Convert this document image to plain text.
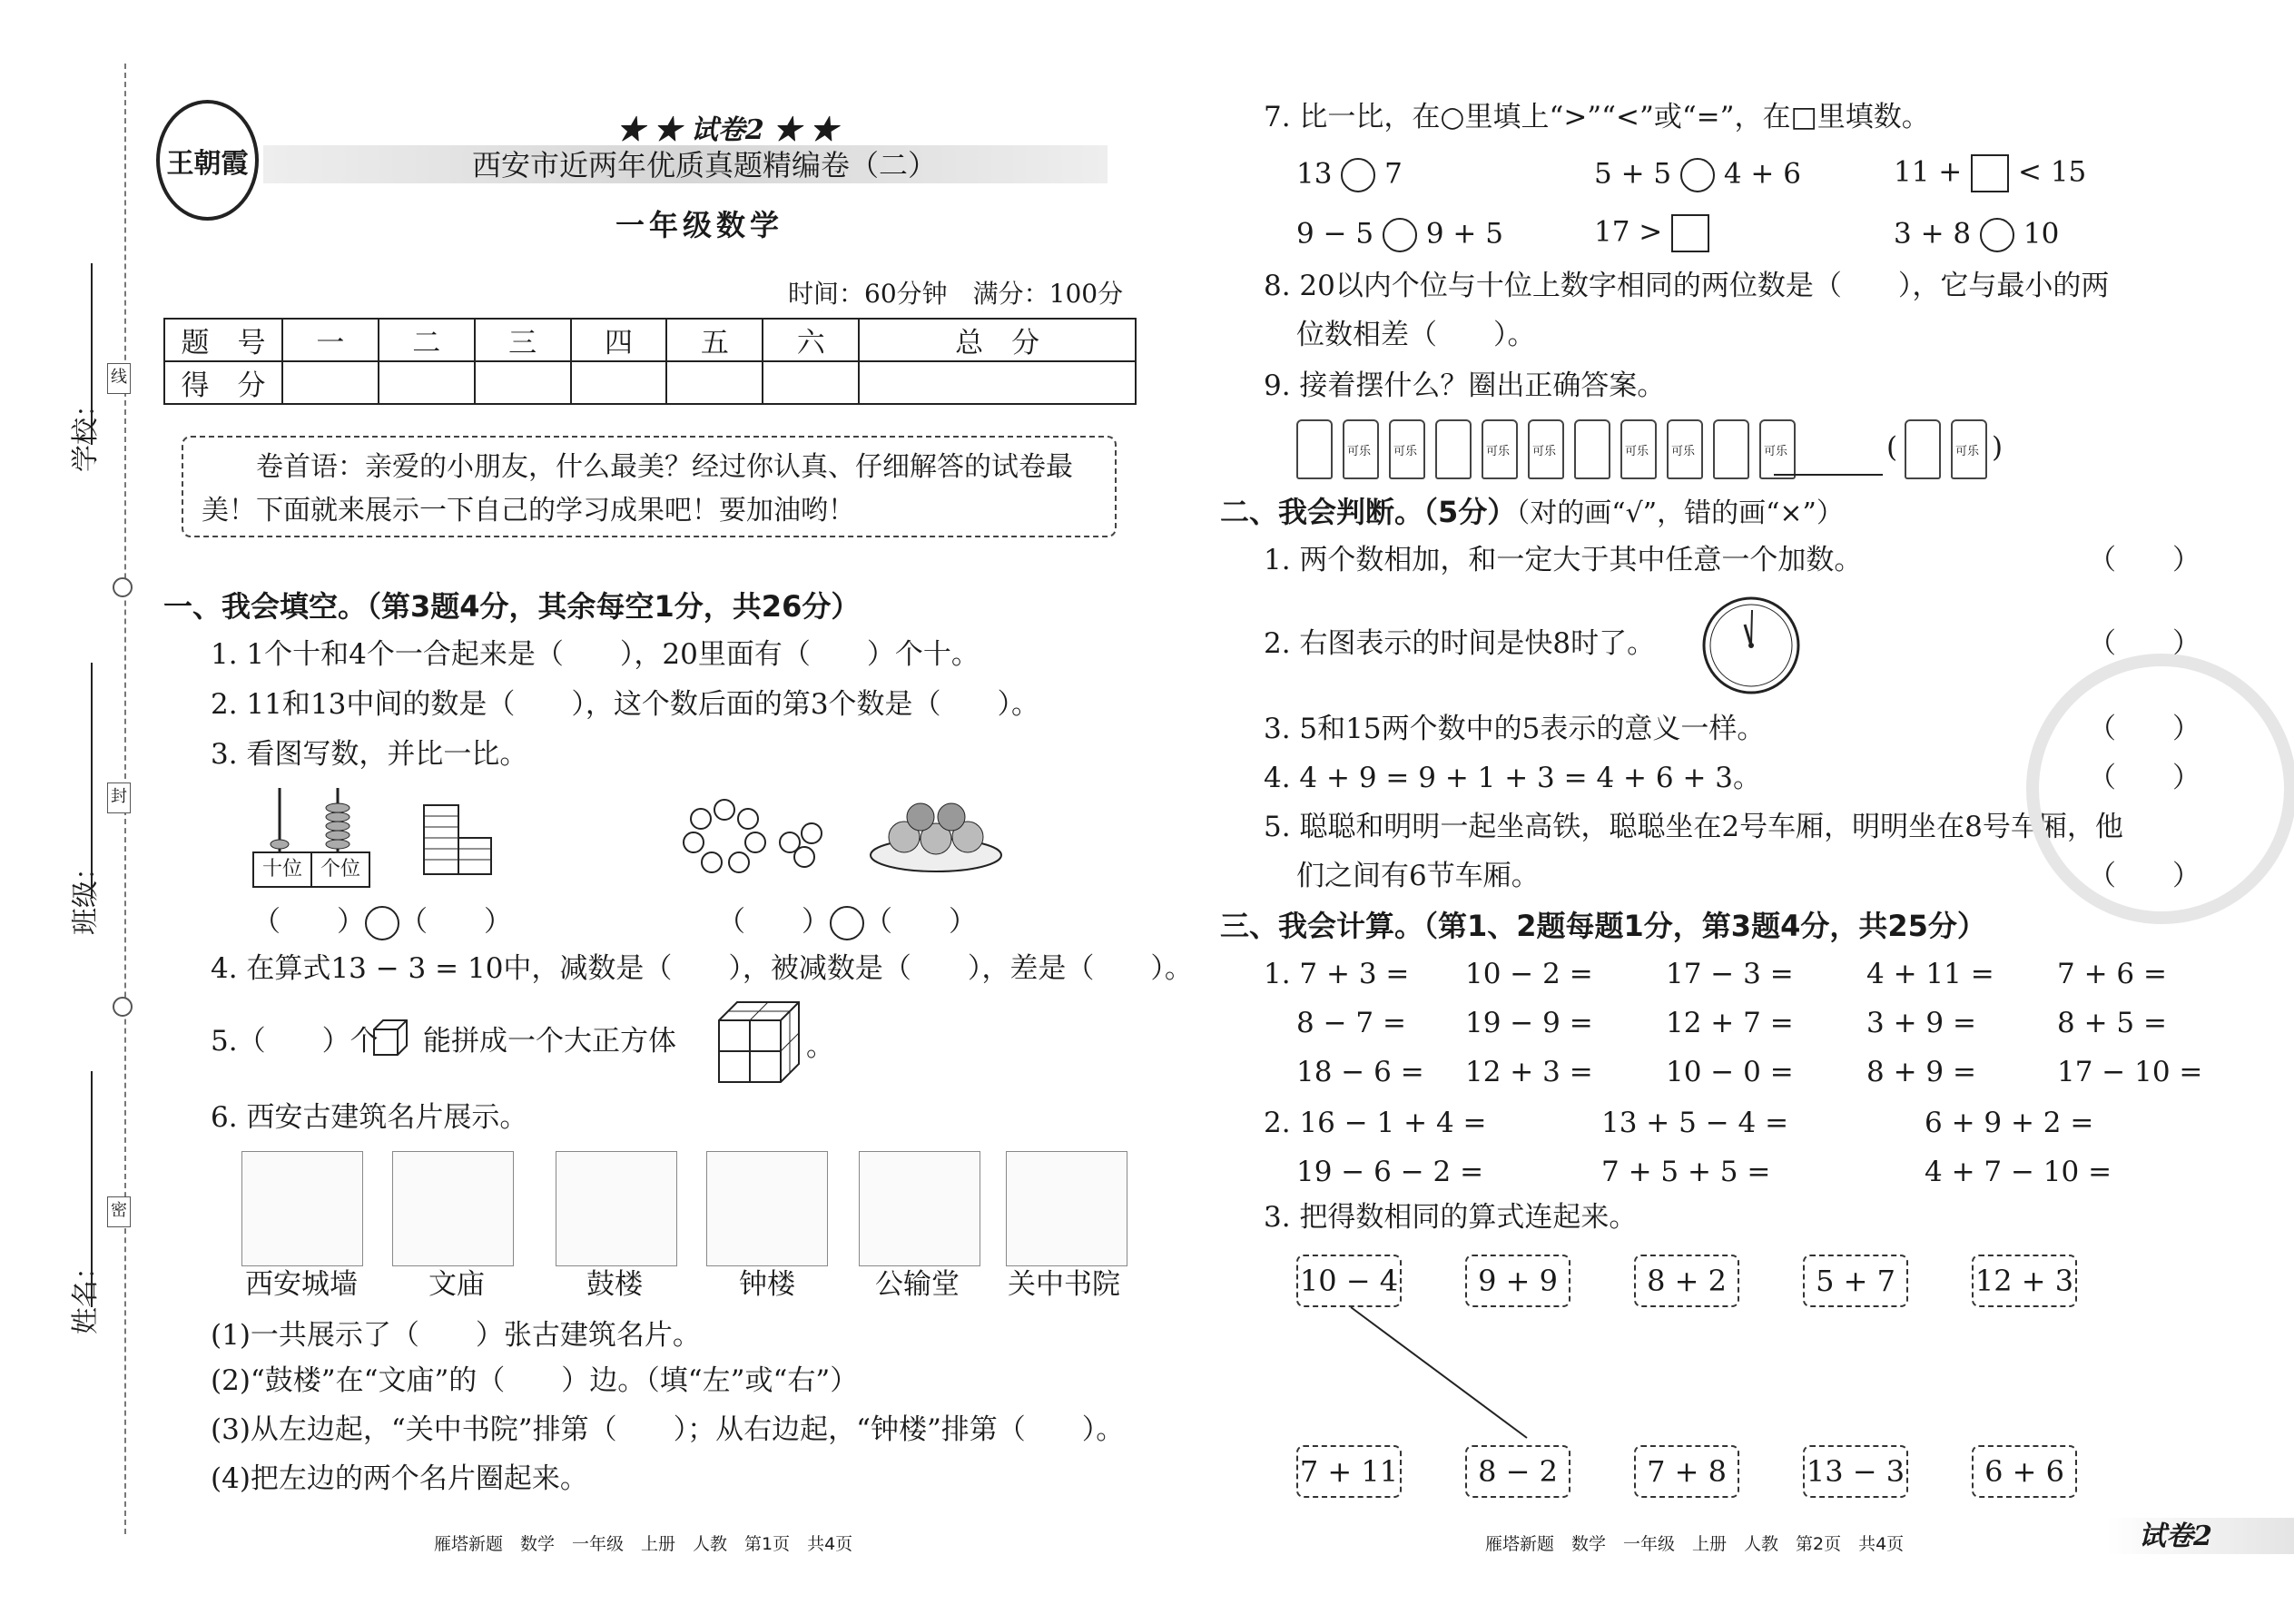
学校：
线
班级：
封
姓名：
密
王朝霞
★ ★ 试卷2 ★ ★
西安市近两年优质真题精编卷（二）
一年级数学
时间：60分钟　满分：100分
题　号	一	二	三	四	五	六	总　分
得　分							
卷首语：亲爱的小朋友，什么最美？经过你认真、仔细解答的试卷最
美！下面就来展示一下自己的学习成果吧！要加油哟！
一、我会填空。（第3题4分，其余每空1分，共26分）
1. 1个十和4个一合起来是（　　），20里面有（　　）个十。
2. 11和13中间的数是（　　），这个数后面的第3个数是（　　）。
3. 看图写数，并比一比。
十位 个位
（　　） （　　）	（　　） （　　）
4. 在算式13 − 3 = 10中，减数是（　　），被减数是（　　），差是（　　）。
5.（　　）个 能拼成一个大正方体	。
6. 西安古建筑名片展示。
西安城墙	文庙	鼓楼	钟楼	公输堂 关中书院
(1)一共展示了（　　）张古建筑名片。
(2)“鼓楼”在“文庙”的（　　）边。（填“左”或“右”）
(3)从左边起，“关中书院”排第（　　）；从右边起，“钟楼”排第（　　）。
(4)把左边的两个名片圈起来。
雁塔新题　数学　一年级　上册　人教　第1页　共4页
7. 比一比，在○里填上“>”“<”或“=”，在□里填数。
13 7	5 + 5 4 + 6	11 + < 15
9 − 5 9 + 5	17 >	3 + 8 10
8. 20以内个位与十位上数字相同的两位数是（　　），它与最小的两
位数相差（　　）。
9. 接着摆什么？圈出正确答案。
可乐 可乐	可乐 可乐	可乐 可乐	可乐	(	可乐 )
二、我会判断。（5分）（对的画“√”，错的画“×”）
1. 两个数相加，和一定大于其中任意一个加数。	（　　）
2. 右图表示的时间是快8时了。	（　　）
3. 5和15两个数中的5表示的意义一样。	（　　）
4. 4 + 9 = 9 + 1 + 3 = 4 + 6 + 3。	（　　）
5. 聪聪和明明一起坐高铁，聪聪坐在2号车厢，明明坐在8号车厢，他
们之间有6节车厢。	（　　）
三、我会计算。（第1、2题每题1分，第3题4分，共25分）
1. 7 + 3 = 10 − 2 =	17 − 3 =	4 + 11 = 7 + 6 =
8 − 7 = 19 − 9 =	12 + 7 =	3 + 9 =	8 + 5 =
18 − 6 = 12 + 3 =	10 − 0 =	8 + 9 =	17 − 10 =
2. 16 − 1 + 4 =	13 + 5 − 4 =	6 + 9 + 2 =
19 − 6 − 2 =	7 + 5 + 5 =	4 + 7 − 10 =
3. 把得数相同的算式连起来。
10 − 4	9 + 9	8 + 2	5 + 7	12 + 3
7 + 11	8 − 2	7 + 8	13 − 3	6 + 6
雁塔新题　数学　一年级　上册　人教　第2页　共4页	试卷2
